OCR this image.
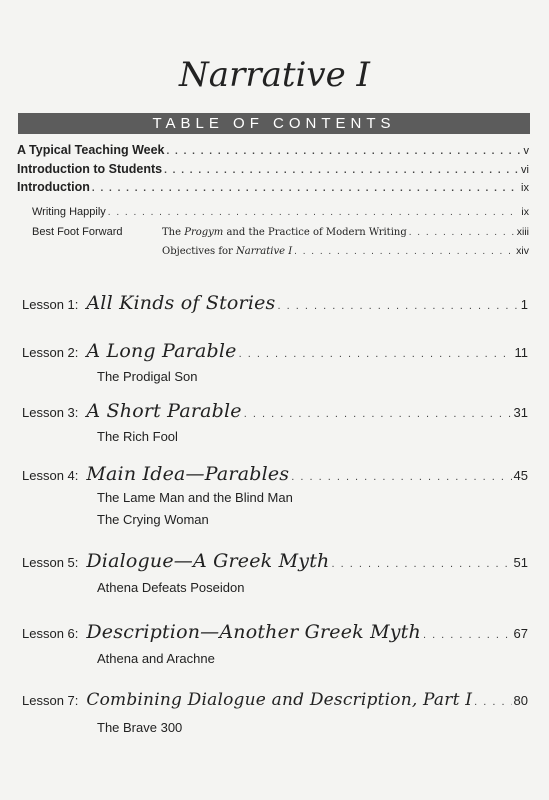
Narrative I
TABLE OF CONTENTS
A Typical Teaching Week . . .	v
Introduction to Students . . .	vi
Introduction . . .	ix
Writing Happily . . .	ix
Best Foot Forward	The Progym and the Practice of Modern Writing . . .	xiii
Objectives for Narrative I . . .	xiv
Lesson 1: All Kinds of Stories . . .	1
Lesson 2: A Long Parable . . .	11
The Prodigal Son
Lesson 3: A Short Parable . . .	31
The Rich Fool
Lesson 4: Main Idea—Parables . . .	45
The Lame Man and the Blind Man
The Crying Woman
Lesson 5: Dialogue—A Greek Myth . . .	51
Athena Defeats Poseidon
Lesson 6: Description—Another Greek Myth . . .	67
Athena and Arachne
Lesson 7: Combining Dialogue and Description, Part I . . .	80
The Brave 300
